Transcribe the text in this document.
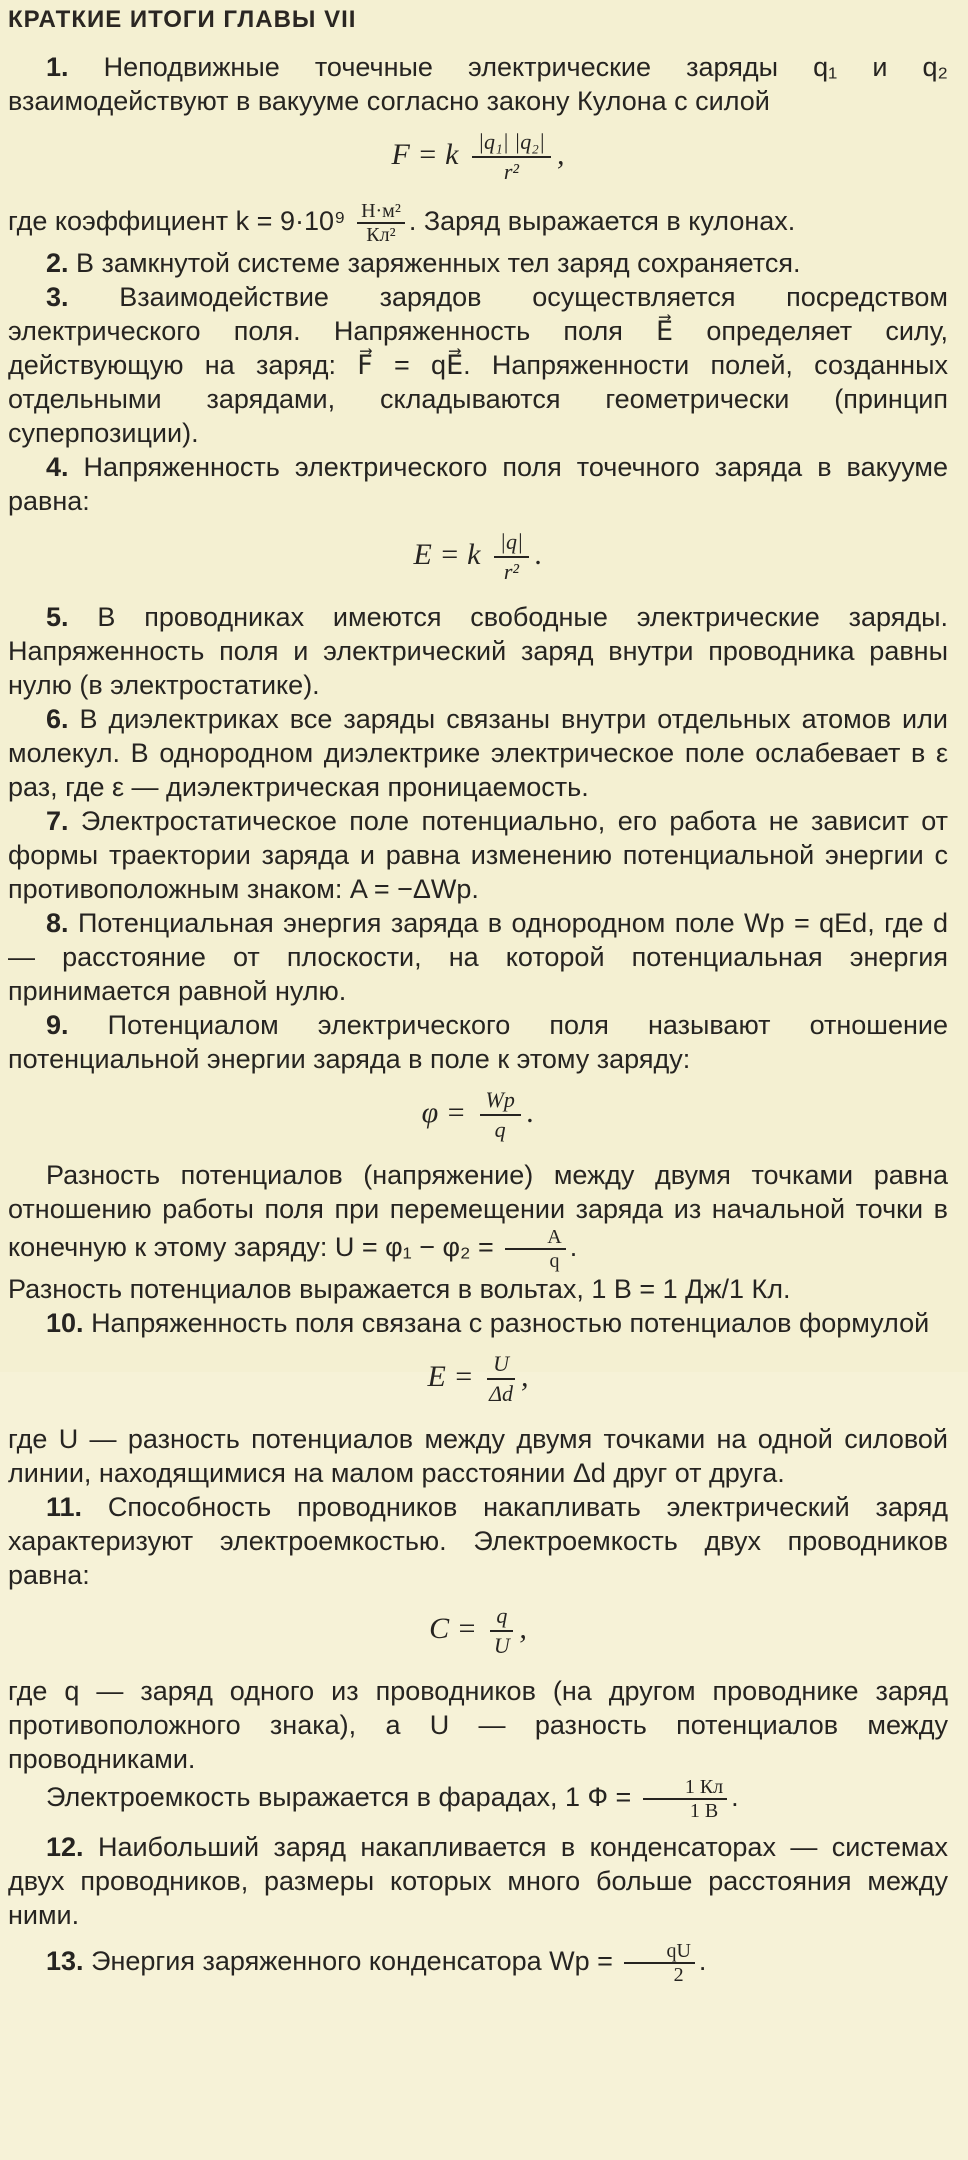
КРАТКИЕ ИТОГИ ГЛАВЫ VII

1. Неподвижные точечные электрические заряды q₁ и q₂ взаимодействуют в вакууме согласно закону Кулона с силой

F = k $\frac{\text{|q₁| |q₂|}}{\text{r²}}$ ,

где коэффициент $k = 9\cdot 10^9 \frac{\text{Н·м²}}{\text{Кл²}}$ . Заряд выражается в кулонах.

2. В замкнутой системе заряженных тел заряд сохраняется.

3. Взаимодействие зарядов осуществляется посредством электрического поля. Напряженность поля E⃗ определяет силу, действующую на заряд: F⃗ = qE⃗. Напряженности полей, созданных отдельными зарядами, складываются геометрически (принцип суперпозиции).

4. Напряженность электрического поля точечного заряда в вакууме равна:

E = k $\frac{|q|}{\text{r²}}$ .

5. В проводниках имеются свободные электрические заряды. Напряженность поля и электрический заряд внутри проводника равны нулю (в электростатике).

6. В диэлектриках все заряды связаны внутри отдельных атомов или молекул. В однородном диэлектрике электрическое поле ослабевает в ε раз, где ε — диэлектрическая проницаемость.

7. Электростатическое поле потенциально, его работа не зависит от формы траектории заряда и равна изменению потенциальной энергии с противоположным знаком: A = −ΔWp.

8. Потенциальная энергия заряда в однородном поле Wp = qEd, где d — расстояние от плоскости, на которой потенциальная энергия принимается равной нулю.

9. Потенциалом электрического поля называют отношение потенциальной энергии заряда в поле к этому заряду:

$\varphi = \frac{Wp}{q}$ .

Разность потенциалов (напряжение) между двумя точками равна отношению работы поля при перемещении заряда из начальной точки в конечную к этому заряду: $U = \varphi_1 - \varphi_2 = \frac{A}{q}$ .

Разность потенциалов выражается в вольтах, 1 В = 1 Дж/1 Кл.

10. Напряженность поля связана с разностью потенциалов формулой

$E = \frac{U}{\Delta d}$ ,

где U — разность потенциалов между двумя точками на одной силовой линии, находящимися на малом расстоянии Δd друг от друга.

11. Способность проводников накапливать электрический заряд характеризуют электроемкостью. Электроемкость двух проводников равна:

$C = \frac{q}{U}$ ,

где q — заряд одного из проводников (на другом проводнике заряд противоположного знака), а U — разность потенциалов между проводниками.

Электроемкость выражается в фарадах, 1 $Ф = \frac{1 Кл}{1 В}$ .

12. Наибольший заряд накапливается в конденсаторах — системах двух проводников, размеры которых много больше расстояния между ними.

13. Энергия заряженного конденсатора $Wp = \frac{qU}{2}$ .
